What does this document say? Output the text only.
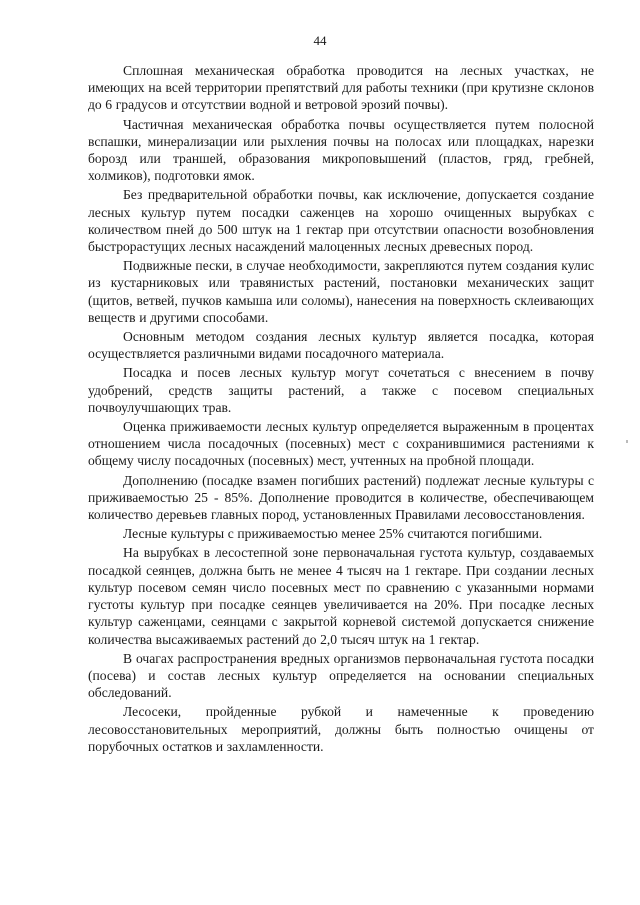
44

Сплошная механическая обработка проводится на лесных участках, не имеющих на всей территории препятствий для работы техники (при крутизне склонов до 6 градусов и отсутствии водной и ветровой эрозий почвы).

Частичная механическая обработка почвы осуществляется путем полосной вспашки, минерализации или рыхления почвы на полосах или площадках, нарезки борозд или траншей, образования микроповышений (пластов, гряд, гребней, холмиков), подготовки ямок.

Без предварительной обработки почвы, как исключение, допускается создание лесных культур путем посадки саженцев на хорошо очищенных вырубках с количеством пней до 500 штук на 1 гектар при отсутствии опасности возобновления быстрорастущих лесных насаждений малоценных лесных древесных пород.

Подвижные пески, в случае необходимости, закрепляются путем создания кулис из кустарниковых или травянистых растений, постановки механических защит (щитов, ветвей, пучков камыша или соломы), нанесения на поверхность склеивающих веществ и другими способами.

Основным методом создания лесных культур является посадка, которая осуществляется различными видами посадочного материала.

Посадка и посев лесных культур могут сочетаться с внесением в почву удобрений, средств защиты растений, а также с посевом специальных почвоулучшающих трав.

Оценка приживаемости лесных культур определяется выраженным в процентах отношением числа посадочных (посевных) мест с сохранившимися растениями к общему числу посадочных (посевных) мест, учтенных на пробной площади.

Дополнению (посадке взамен погибших растений) подлежат лесные культуры с приживаемостью 25 - 85%. Дополнение проводится в количестве, обеспечивающем количество деревьев главных пород, установленных Правилами лесовосстановления.

Лесные культуры с приживаемостью менее 25% считаются погибшими.

На вырубках в лесостепной зоне первоначальная густота культур, создаваемых посадкой сеянцев, должна быть не менее 4 тысяч на 1 гектаре. При создании лесных культур посевом семян число посевных мест по сравнению с указанными нормами густоты культур при посадке сеянцев увеличивается на 20%. При посадке лесных культур саженцами, сеянцами с закрытой корневой системой допускается снижение количества высаживаемых растений до 2,0 тысяч штук на 1 гектар.

В очагах распространения вредных организмов первоначальная густота посадки (посева) и состав лесных культур определяется на основании специальных обследований.

Лесосеки, пройденные рубкой и намеченные к проведению лесовосстановительных мероприятий, должны быть полностью очищены от порубочных остатков и захламленности.
